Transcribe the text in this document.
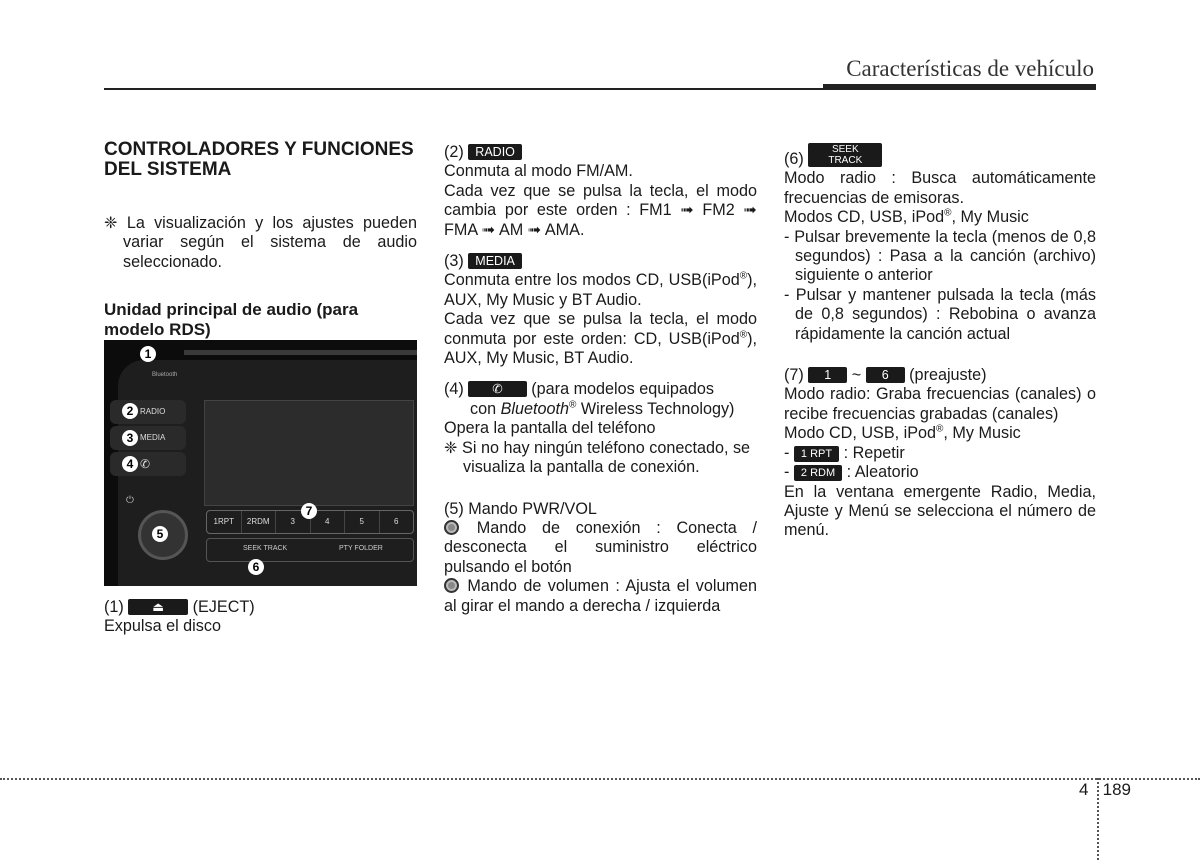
Características de vehículo
CONTROLADORES Y FUNCIONES DEL SISTEMA

❈ La visualización y los ajustes pueden variar según el sistema de audio seleccionado.

Unidad principal de audio (para modelo RDS)
Bluetooth
RADIO
MEDIA
✆
⏻
1RPT	2RDM	3	4	5	6
SEEK TRACK	PTY FOLDER
1
2
3
4
5
6
7

(1) ⏏ (EJECT)

Expulsa el disco

(2) RADIO

Conmuta al modo FM/AM.

Cada vez que se pulsa la tecla, el modo cambia por este orden : FM1 ➟ FM2 ➟ FMA ➟ AM ➟ AMA.

(3) MEDIA

Conmuta entre los modos CD, USB(iPod®), AUX, My Music y BT Audio.

Cada vez que se pulsa la tecla, el modo conmuta por este orden: CD, USB(iPod®), AUX, My Music, BT Audio.

(4) ✆ (para modelos equipados

con Bluetooth® Wireless Technology)

Opera la pantalla del teléfono

❈ Si no hay ningún teléfono conectado, se visualiza la pantalla de conexión.

(5) Mando PWR/VOL

Mando de conexión : Conecta / desconecta el suministro eléctrico pulsando el botón

Mando de volumen : Ajusta el volumen al girar el mando a derecha / izquierda

(6) SEEK TRACK

Modo radio : Busca automáticamente frecuencias de emisoras.

Modos CD, USB, iPod®, My Music

- Pulsar brevemente la tecla (menos de 0,8 segundos) : Pasa a la canción (archivo) siguiente o anterior

- Pulsar y mantener pulsada la tecla (más de 0,8 segundos) : Rebobina o avanza rápidamente la canción actual

(7) 1 ~ 6 (preajuste)

Modo radio: Graba frecuencias (canales) o recibe frecuencias grabadas (canales)

Modo CD, USB, iPod®, My Music

- 1 RPT : Repetir

- 2 RDM : Aleatorio

En la ventana emergente Radio, Media, Ajuste y Menú se selecciona el número de menú.

4 189
